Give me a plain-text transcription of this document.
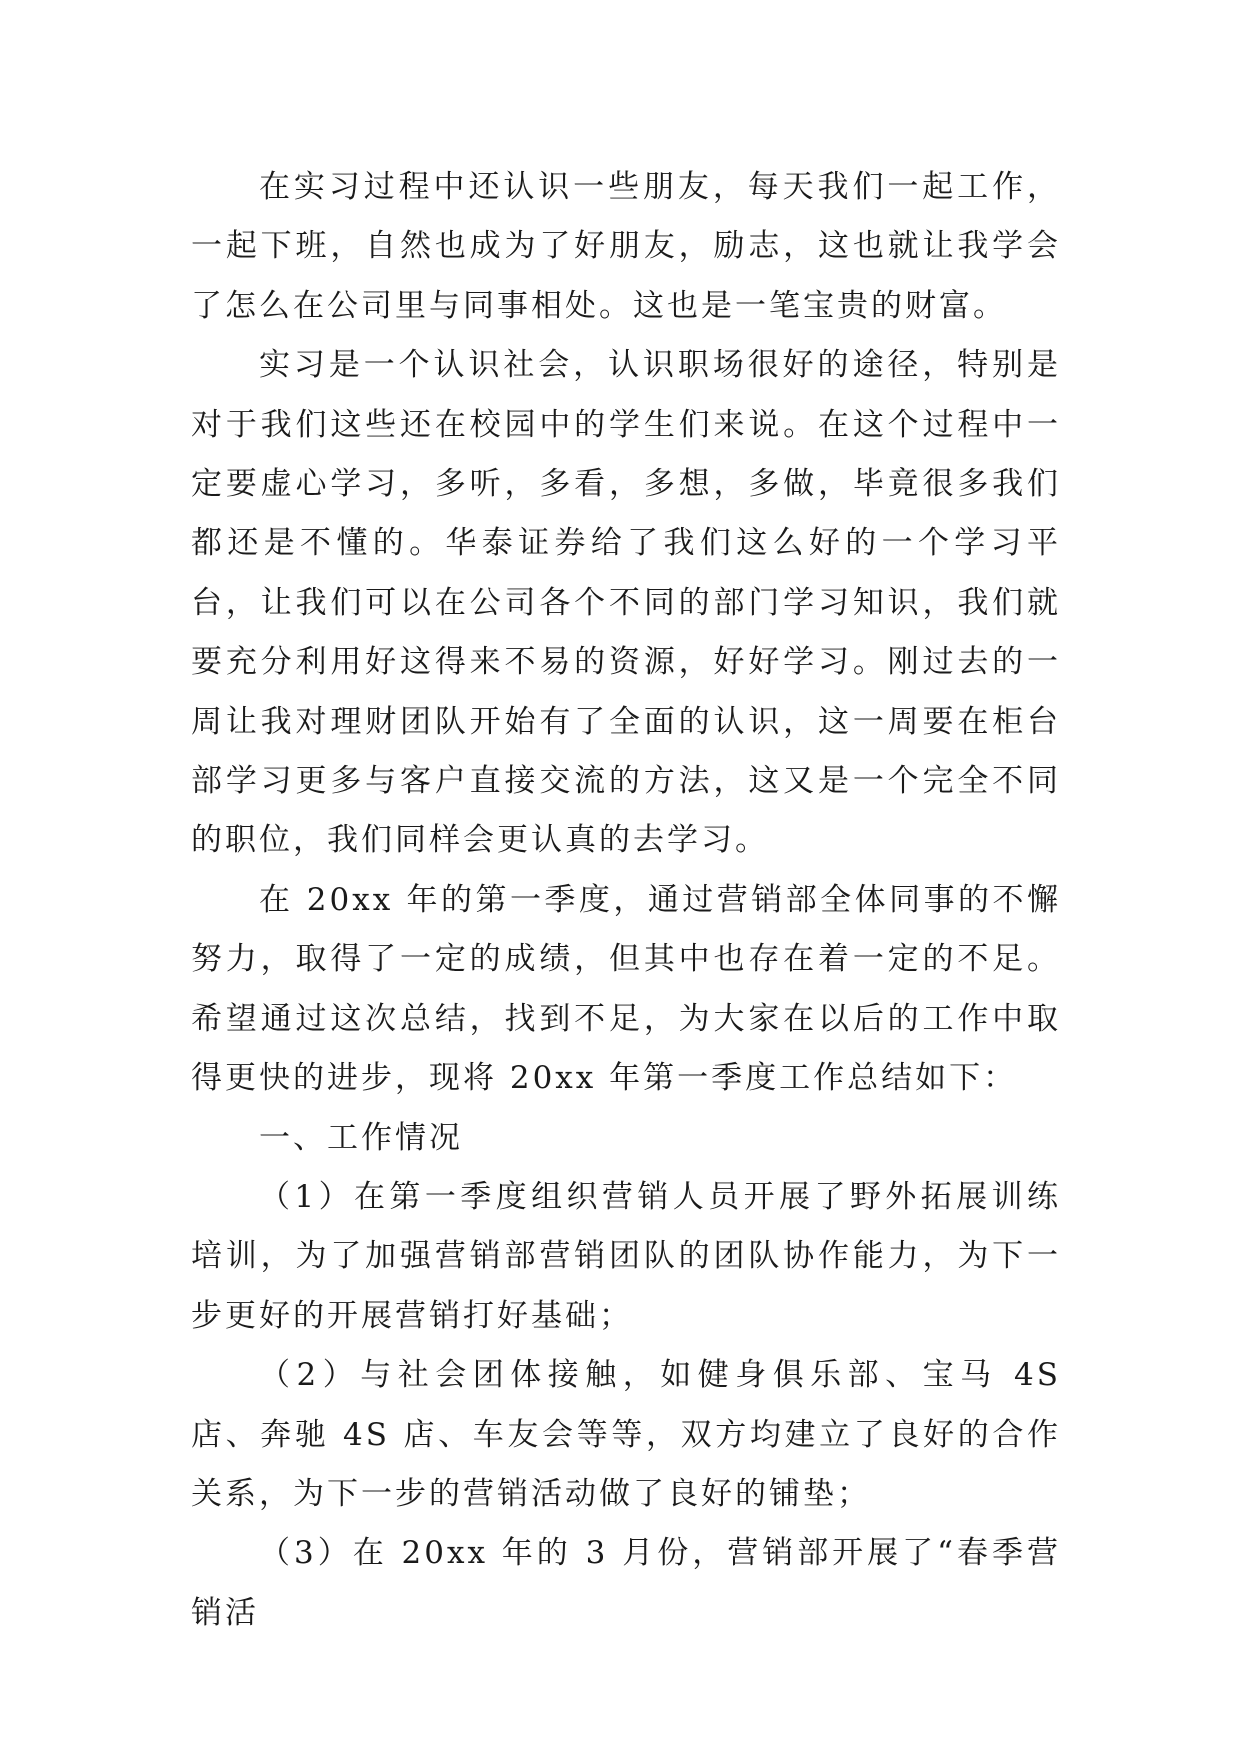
在实习过程中还认识一些朋友，每天我们一起工作，一起下班，自然也成为了好朋友，励志，这也就让我学会了怎么在公司里与同事相处。这也是一笔宝贵的财富。

实习是一个认识社会，认识职场很好的途径，特别是对于我们这些还在校园中的学生们来说。在这个过程中一定要虚心学习，多听，多看，多想，多做，毕竟很多我们都还是不懂的。华泰证券给了我们这么好的一个学习平台，让我们可以在公司各个不同的部门学习知识，我们就要充分利用好这得来不易的资源，好好学习。刚过去的一周让我对理财团队开始有了全面的认识，这一周要在柜台部学习更多与客户直接交流的方法，这又是一个完全不同的职位，我们同样会更认真的去学习。

在 20xx 年的第一季度，通过营销部全体同事的不懈努力，取得了一定的成绩，但其中也存在着一定的不足。希望通过这次总结，找到不足，为大家在以后的工作中取得更快的进步，现将 20xx 年第一季度工作总结如下：

一、工作情况

（1）在第一季度组织营销人员开展了野外拓展训练培训，为了加强营销部营销团队的团队协作能力，为下一步更好的开展营销打好基础；

（2）与社会团体接触，如健身俱乐部、宝马 4S 店、奔驰 4S 店、车友会等等，双方均建立了良好的合作关系，为下一步的营销活动做了良好的铺垫；

（3）在 20xx 年的 3 月份，营销部开展了“春季营销活
